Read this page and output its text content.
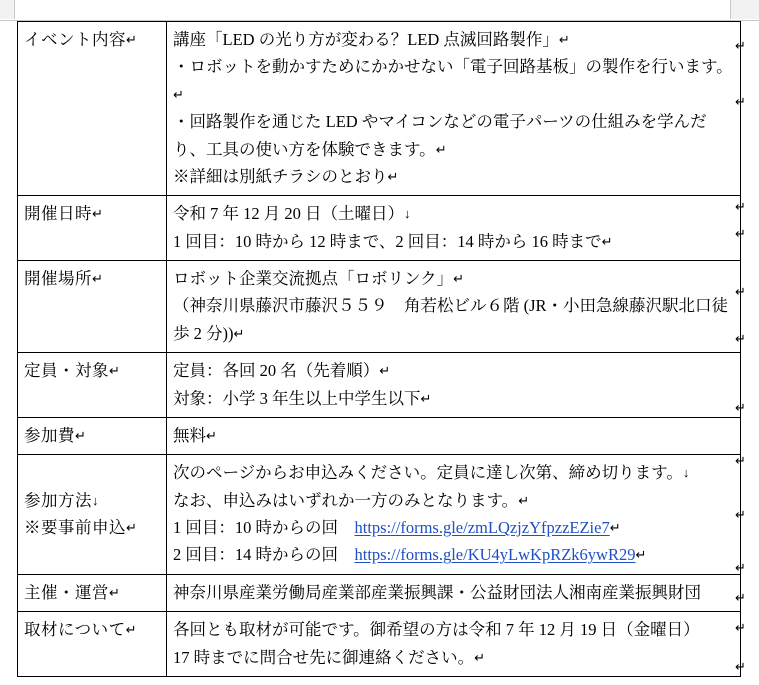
イベント内容↵	講座「LED の光り方が変わる？LED 点滅回路製作」↵
・ロボットを動かすためにかかせない「電子回路基板」の製作を行います。↵
・回路製作を通じた LED やマイコンなどの電子パーツの仕組みを学んだり、工具の使い方を体験できます。↵
※詳細は別紙チラシのとおり↵

開催日時↵	令和 7 年 12 月 20 日（土曜日）↓
1 回目：10 時から 12 時まで、2 回目：14 時から 16 時まで↵

開催場所↵	ロボット企業交流拠点「ロボリンク」↵
（神奈川県藤沢市藤沢５５９　角若松ビル６階 (JR・小田急線藤沢駅北口徒歩 2 分))↵

定員・対象↵	定員：各回 20 名（先着順）↵
対象：小学 3 年生以上中学生以下↵

参加費↵	無料↵

参加方法↓
※要事前申込↵	次のページからお申込みください。定員に達し次第、締め切ります。↓
なお、申込みはいずれか一方のみとなります。↵
1 回目：10 時からの回　https://forms.gle/zmLQzjzYfpzzEZie7↵
2 回目：14 時からの回　https://forms.gle/KU4yLwKpRZk6ywR29↵

主催・運営↵	神奈川県産業労働局産業部産業振興課・公益財団法人湘南産業振興財団

取材について↵	各回とも取材が可能です。御希望の方は令和 7 年 12 月 19 日（金曜日）
17 時までに問合せ先に御連絡ください。↵
↵
↵
↵
↵
↵
↵
↵
↵
↵
↵
↵
↵
↵
